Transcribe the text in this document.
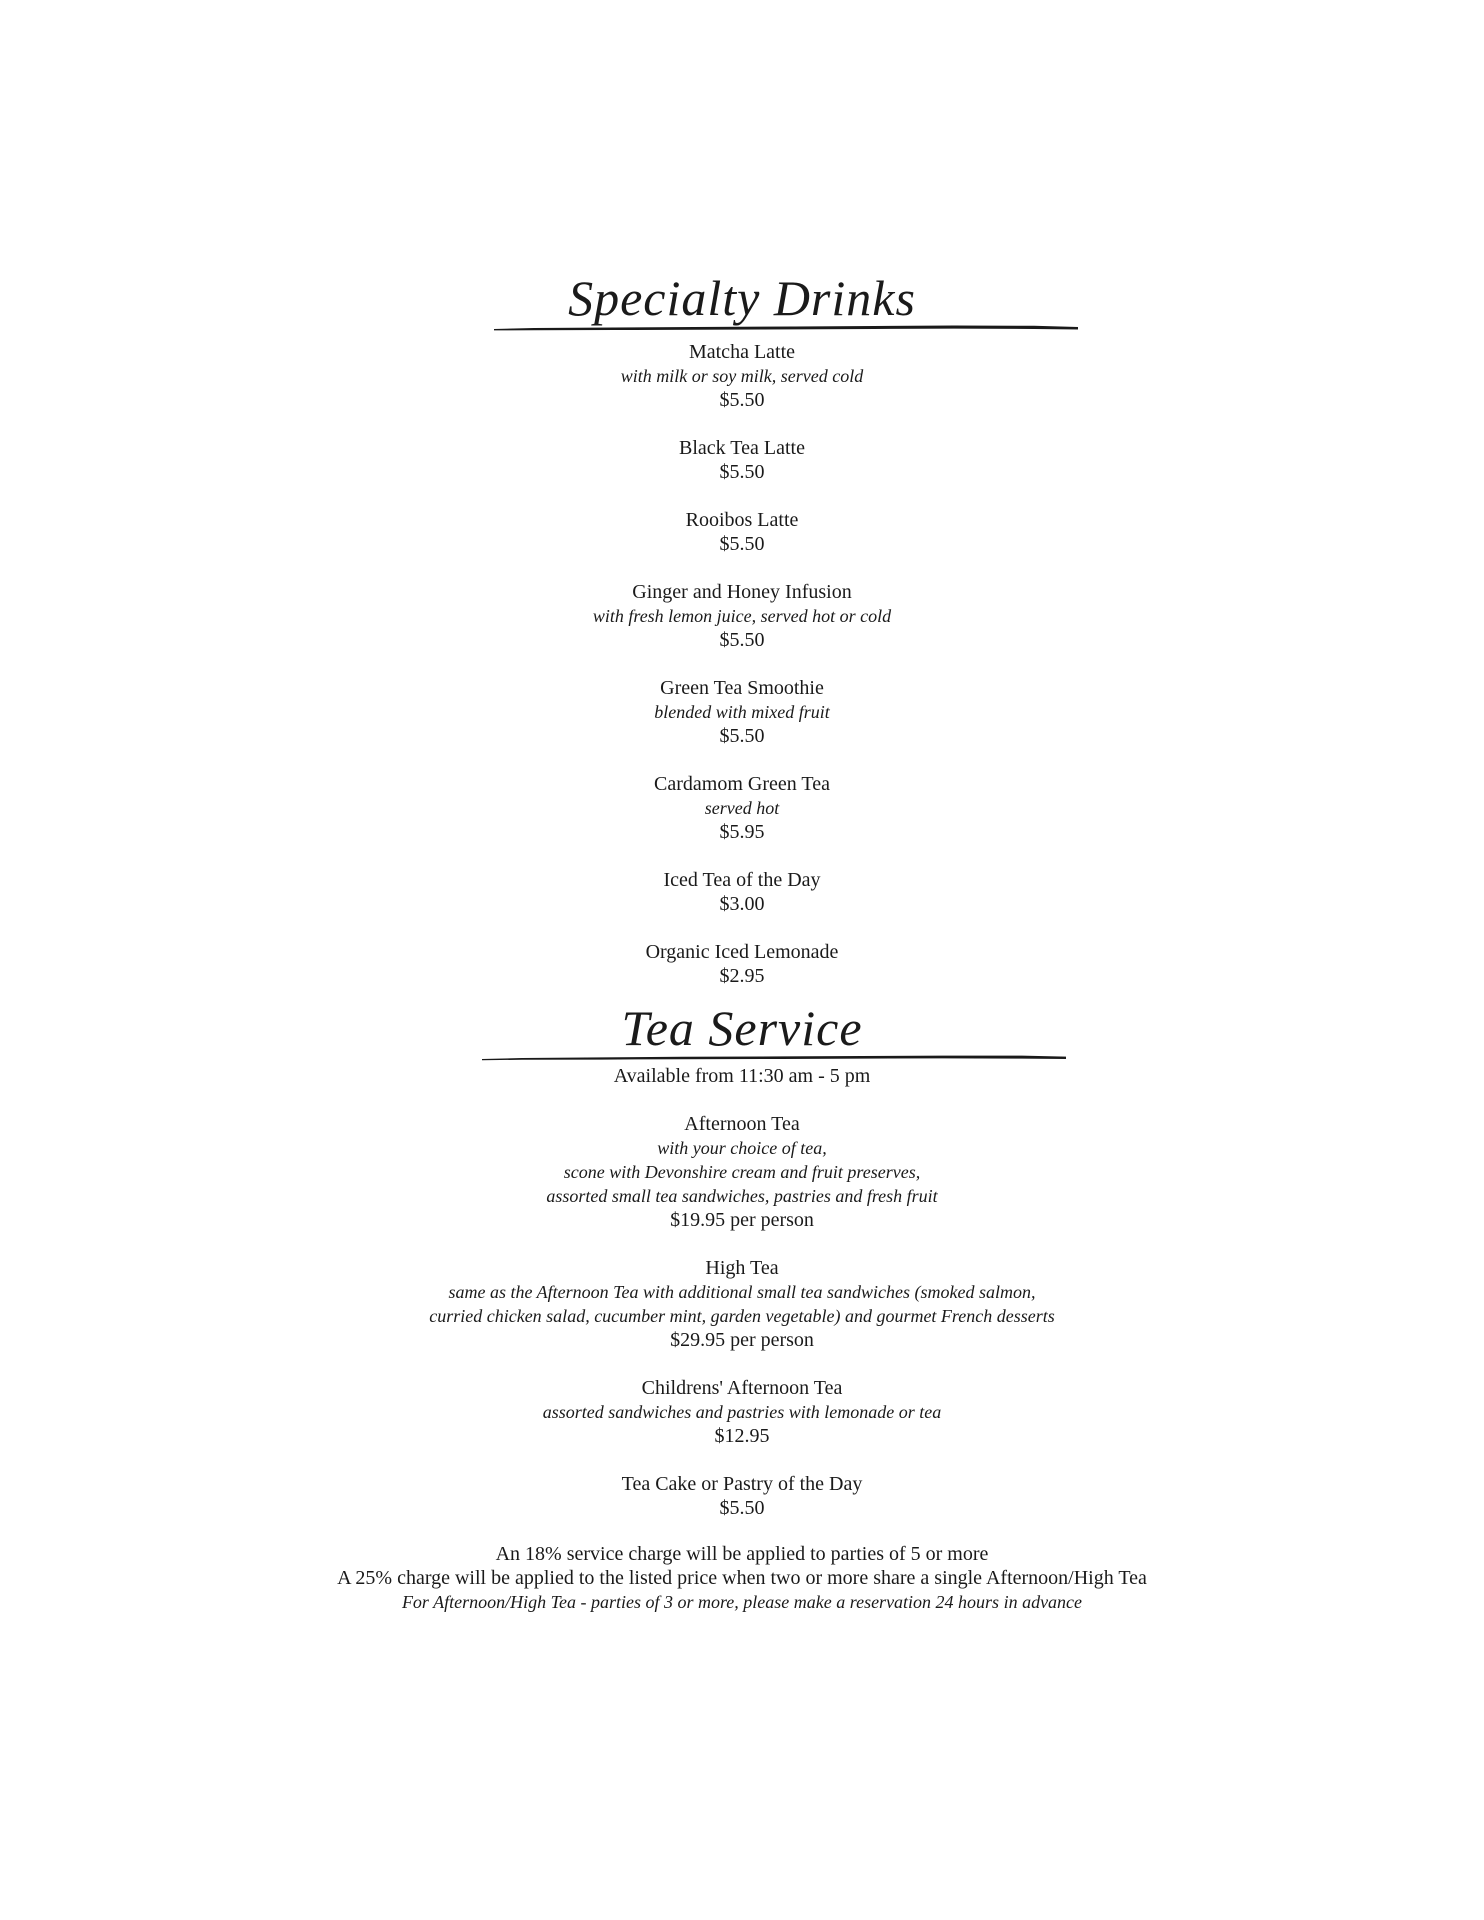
Specialty Drinks
Matcha Latte
with milk or soy milk, served cold
$5.50
Black Tea Latte
$5.50
Rooibos Latte
$5.50
Ginger and Honey Infusion
with fresh lemon juice, served hot or cold
$5.50
Green Tea Smoothie
blended with mixed fruit
$5.50
Cardamom Green Tea
served hot
$5.95
Iced Tea of the Day
$3.00
Organic Iced Lemonade
$2.95
Tea Service

Available from 11:30 am - 5 pm

Afternoon Tea
with your choice of tea,
scone with Devonshire cream and fruit preserves,
assorted small tea sandwiches, pastries and fresh fruit
$19.95 per person
High Tea
same as the Afternoon Tea with additional small tea sandwiches (smoked salmon,
curried chicken salad, cucumber mint, garden vegetable) and gourmet French desserts
$29.95 per person
Childrens' Afternoon Tea
assorted sandwiches and pastries with lemonade or tea
$12.95
Tea Cake or Pastry of the Day
$5.50
An 18% service charge will be applied to parties of 5 or more
A 25% charge will be applied to the listed price when two or more share a single Afternoon/High Tea
For Afternoon/High Tea - parties of 3 or more, please make a reservation 24 hours in advance
